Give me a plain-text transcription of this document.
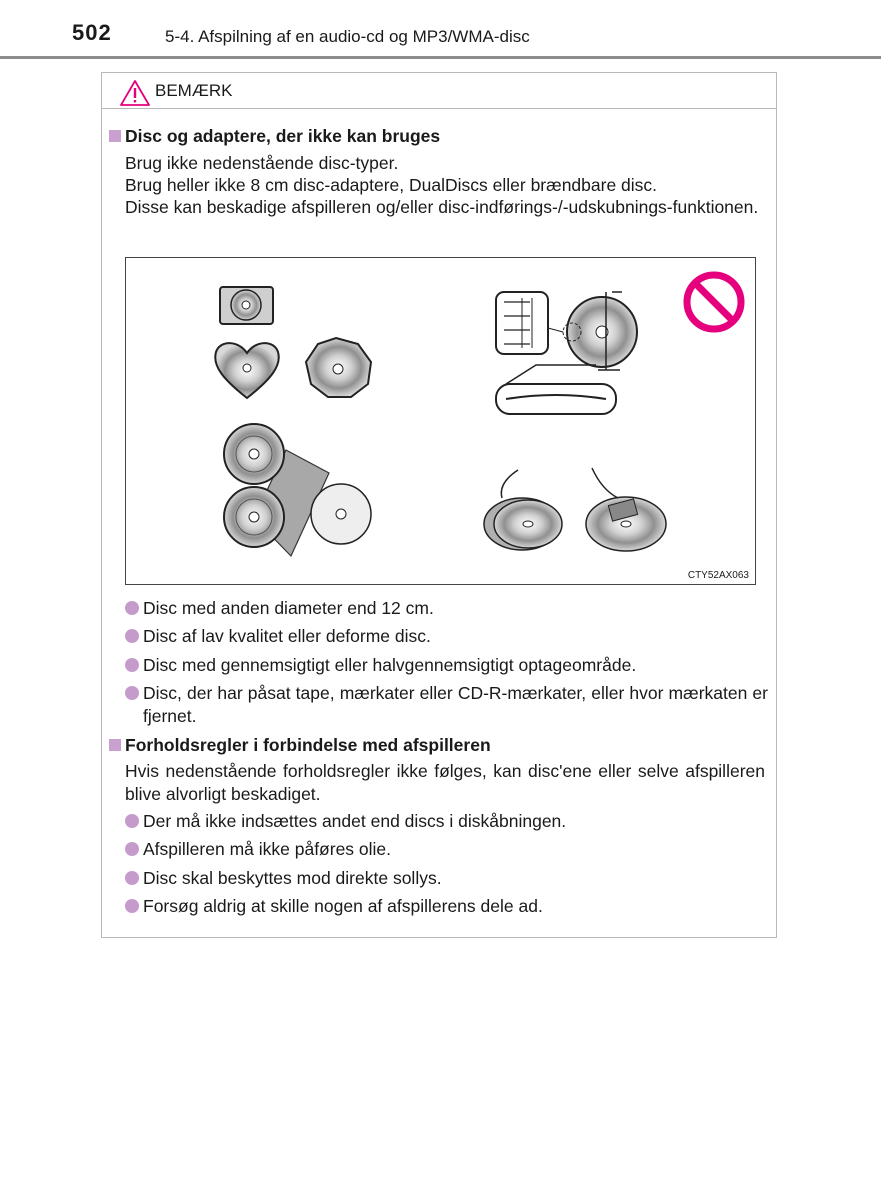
502	5-4. Afspilning af en audio-cd og MP3/WMA-disc
BEMÆRK
Disc og adaptere, der ikke kan bruges
Brug ikke nedenstående disc-typer.
Brug heller ikke 8 cm disc-adaptere, DualDiscs eller brændbare disc.
Disse kan beskadige afspilleren og/eller disc-indførings-/-udskubnings-funktionen.
CTY52AX063
Disc med anden diameter end 12 cm.
Disc af lav kvalitet eller deforme disc.
Disc med gennemsigtigt eller halvgennemsigtigt optageområde.
Disc, der har påsat tape, mærkater eller CD-R-mærkater, eller hvor mærkaten er fjernet.
Forholdsregler i forbindelse med afspilleren
Hvis nedenstående forholdsregler ikke følges, kan disc'ene eller selve afspilleren blive alvorligt beskadiget.
Der må ikke indsættes andet end discs i diskåbningen.
Afspilleren må ikke påføres olie.
Disc skal beskyttes mod direkte sollys.
Forsøg aldrig at skille nogen af afspillerens dele ad.
